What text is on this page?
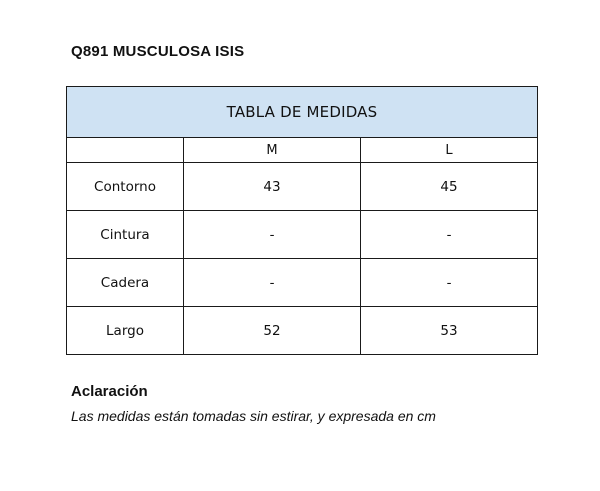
Q891 MUSCULOSA ISIS
TABLA DE MEDIDAS		
	M	L
Contorno	43	45
Cintura	-	-
Cadera	-	-
Largo	52	53
Aclaración
Las medidas están tomadas sin estirar, y expresada en cm
